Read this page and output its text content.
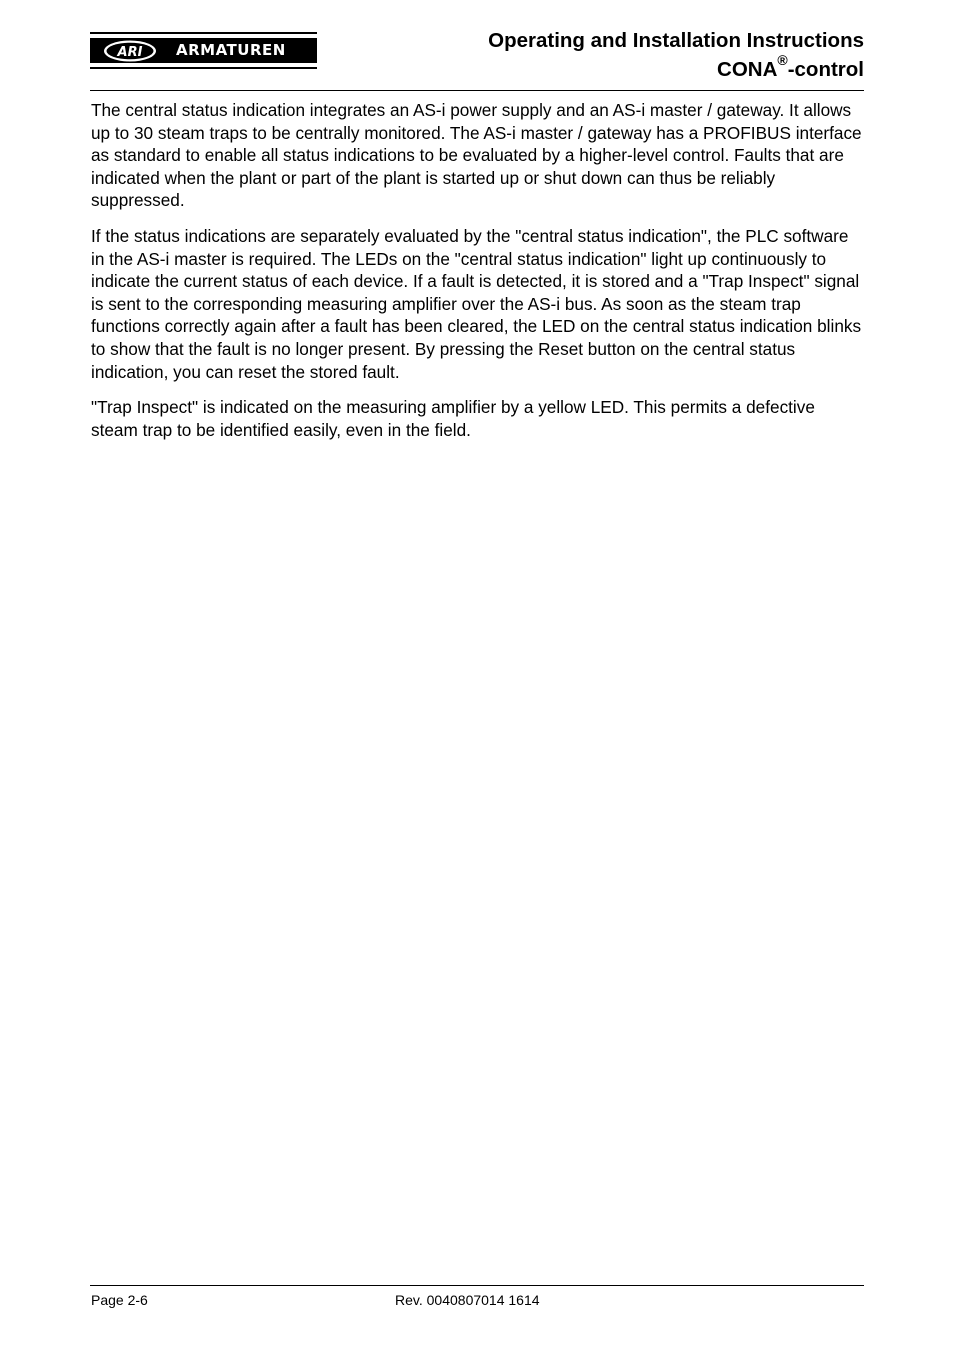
ARI ARMATUREN	Operating and Installation Instructions
CONA®-control

The central status indication integrates an AS-i power supply and an AS-i master / gateway. It allows up to 30 steam traps to be centrally monitored. The AS-i master / gateway has a PROFIBUS interface as standard to enable all status indications to be evaluated by a higher-level control. Faults that are indicated when the plant or part of the plant is started up or shut down can thus be reliably suppressed.

If the status indications are separately evaluated by the "central status indication", the PLC software in the AS-i master is required. The LEDs on the "central status indication" light up continuously to indicate the current status of each device. If a fault is detected, it is stored and a "Trap Inspect" signal is sent to the corresponding measuring amplifier over the AS-i bus. As soon as the steam trap functions correctly again after a fault has been cleared, the LED on the central status indication blinks to show that the fault is no longer present. By pressing the Reset button on the central status indication, you can reset the stored fault.

"Trap Inspect" is indicated on the measuring amplifier by a yellow LED. This permits a defective steam trap to be identified easily, even in the field.

Page 2-6	Rev. 0040807014 1614
